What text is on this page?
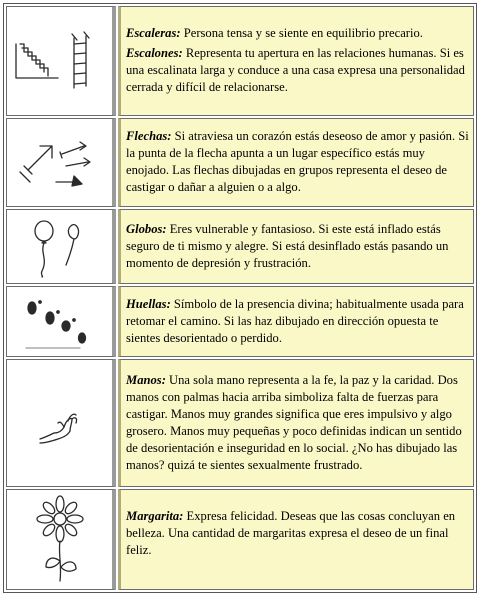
Escaleras: Persona tensa y se siente en equilibrio precario.

Escalones: Representa tu apertura en las relaciones humanas. Si es una escalinata larga y conduce a una casa expresa una personalidad cerrada y difícil de relacionarse.

Flechas: Si atraviesa un corazón estás deseoso de amor y pasión. Si la punta de la flecha apunta a un lugar específico estás muy enojado. Las flechas dibujadas en grupos representa el deseo de castigar o dañar a alguien o a algo.

Globos: Eres vulnerable y fantasioso. Si este está inflado estás seguro de ti mismo y alegre. Si está desinflado estás pasando un momento de depresión y frustración.

Huellas: Símbolo de la presencia divina; habitualmente usada para retomar el camino. Si las haz dibujado en dirección opuesta te sientes desorientado o perdido.

Manos: Una sola mano representa a la fe, la paz y la caridad. Dos manos con palmas hacia arriba simboliza falta de fuerzas para castigar. Manos muy grandes significa que eres impulsivo y algo grosero. Manos muy pequeñas y poco definidas indican un sentido de desorientación e inseguridad en lo social. ¿No has dibujado las manos? quizá te sientes sexualmente frustrado.

Margarita: Expresa felicidad. Deseas que las cosas concluyan en belleza. Una cantidad de margaritas expresa el deseo de un final feliz.
